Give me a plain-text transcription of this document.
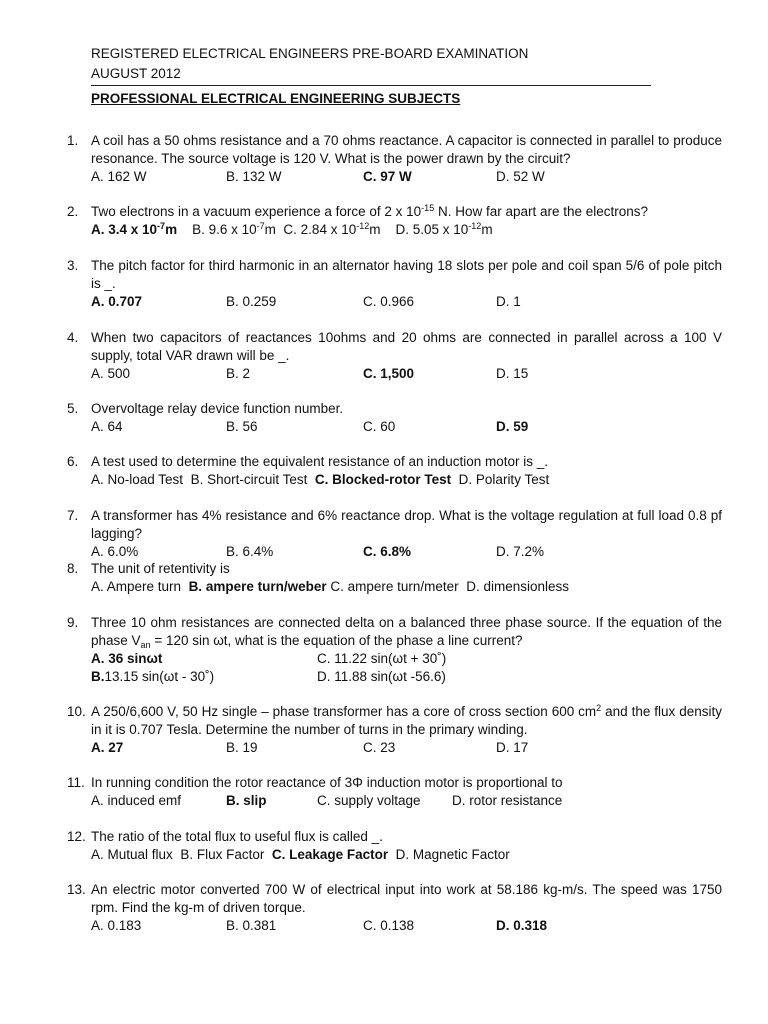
REGISTERED ELECTRICAL ENGINEERS PRE-BOARD EXAMINATION
AUGUST 2012
PROFESSIONAL ELECTRICAL ENGINEERING SUBJECTS
1. A coil has a 50 ohms resistance and a 70 ohms reactance. A capacitor is connected in parallel to produce resonance. The source voltage is 120 V. What is the power drawn by the circuit?
A. 162 W	B. 132 W	C. 97 W	D. 52 W
2. Two electrons in a vacuum experience a force of 2 x $10^{-15}$ N. How far apart are the electrons?
A. 3.4 x $10^{-7}m$ B. 9.6 x $10^{-7}m$ C. 2.84 x $10^{-12}m$ D. 5.05 x $10^{-12}m$
3. The pitch factor for third harmonic in an alternator having 18 slots per pole and coil span 5/6 of pole pitch is _.
A. 0.707	B. 0.259	C. 0.966	D. 1
4. When two capacitors of reactances 10ohms and 20 ohms are connected in parallel across a 100 V supply, total VAR drawn will be _.
A. 500	B. 2	C. 1,500	D. 15
5. Overvoltage relay device function number.
A. 64	B. 56	C. 60	D. 59
6. A test used to determine the equivalent resistance of an induction motor is _.
A. No-load Test B. Short-circuit Test C. Blocked-rotor Test D. Polarity Test
7. A transformer has 4% resistance and 6% reactance drop. What is the voltage regulation at full load 0.8 pf lagging?
A. 6.0%	B. 6.4%	C. 6.8%	D. 7.2%
8. The unit of retentivity is
A. Ampere turn B. ampere turn/weber C. ampere turn/meter D. dimensionless
9. Three 10 ohm resistances are connected delta on a balanced three phase source. If the equation of the phase $V_{an} = 120$ sin ωt, what is the equation of the phase a line current?
A. 36 sinωt	C. 11.22 sin(ωt + 30˚)
B. 13.15 sin(ωt - 30˚)	D. 11.88 sin(ωt -56.6)
10. A 250/6,600 V, 50 Hz single – phase transformer has a core of cross section 600 $cm^2$ and the flux density in it is 0.707 Tesla. Determine the number of turns in the primary winding.
A. 27	B. 19	C. 23	D. 17
11. In running condition the rotor reactance of 3Φ induction motor is proportional to
A. induced emf	B. slip	C. supply voltage D. rotor resistance
12. The ratio of the total flux to useful flux is called _.
A. Mutual flux B. Flux Factor C. Leakage Factor D. Magnetic Factor
13. An electric motor converted 700 W of electrical input into work at 58.186 kg-m/s. The speed was 1750 rpm. Find the kg-m of driven torque.
A. 0.183	B. 0.381	C. 0.138	D. 0.318
